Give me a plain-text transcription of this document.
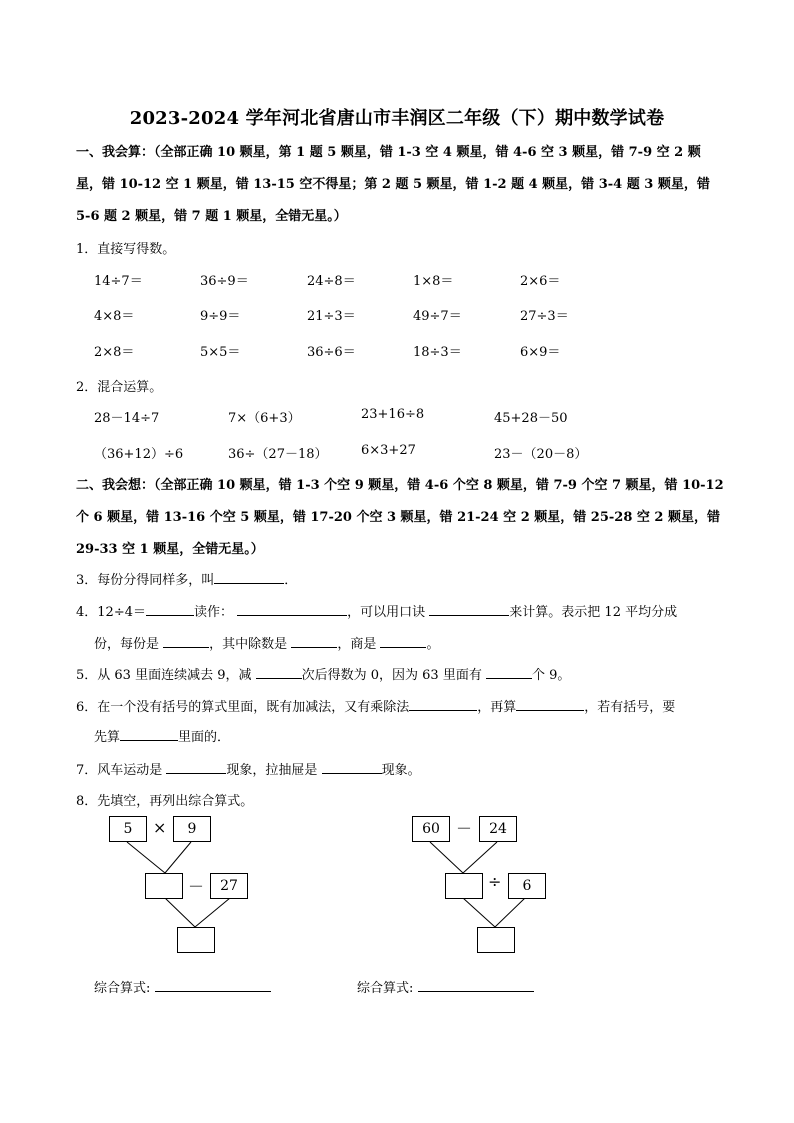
2023-2024 学年河北省唐山市丰润区二年级（下）期中数学试卷
一、我会算：（全部正确 10 颗星，第 1 题 5 颗星，错 1-3 空 4 颗星，错 4-6 空 3 颗星，错 7-9 空 2 颗星，错 10-12 空 1 颗星，错 13-15 空不得星；第 2 题 5 颗星，错 1-2 题 4 颗星，错 3-4 题 3 颗星，错 5-6 题 2 颗星，错 7 题 1 颗星，全错无星。）
1．直接写得数。
14÷7＝	36÷9＝	24÷8＝	1×8＝	2×6＝
4×8＝	9÷9＝	21÷3＝	49÷7＝	27÷3＝
2×8＝	5×5＝	36÷6＝	18÷3＝	6×9＝
2．混合运算。
28－14÷7	7×（6+3）	23+16÷8	45+28－50
（36+12）÷6	36÷（27－18）	6×3+27	23－（20－8）
二、我会想：（全部正确 10 颗星，错 1-3 个空 9 颗星，错 4-6 个空 8 颗星，错 7-9 个空 7 颗星，错 10-12 个 6 颗星，错 13-16 个空 5 颗星，错 17-20 个空 3 颗星，错 21-24 空 2 颗星，错 25-28 空 2 颗星，错 29-33 空 1 颗星，全错无星。）
3．每份分得同样多，叫	．
4．12÷4＝	读作：	，可以用口诀	来计算。表示把 12 平均分成
份，每份是	，其中除数是	，商是	。
5．从 63 里面连续减去 9，减	次后得数为 0，因为 63 里面有	个 9。
6．在一个没有括号的算式里面，既有加减法，又有乘除法	，再算	，若有括号，要
先算	里面的．
7．风车运动是	现象，拉抽屉是	现象。
8．先填空，再列出综合算式。
5	×	9
－	27
60	－	24
÷	6
综合算式:	综合算式:
